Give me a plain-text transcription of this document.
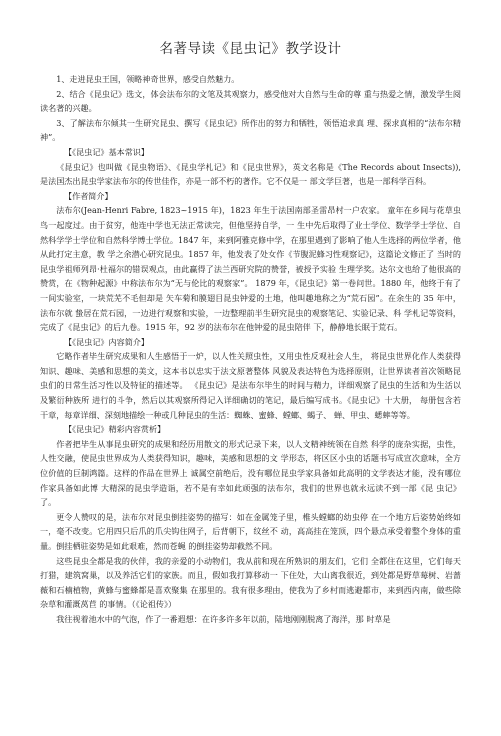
名著导读《昆虫记》教学设计

1、走进昆虫王国，领略神奇世界，感受自然魅力。

2、结合《昆虫记》选文，体会法布尔的文笔及其观察力，感受他对大自然与生命的尊 重与热爱之情，激发学生阅读名著的兴趣。

3、了解法布尔倾其一生研究昆虫、撰写《昆虫记》所作出的努力和牺牲，领悟追求真 理、探求真相的“法布尔精神”。

【《昆虫记》基本常识】

《昆虫记》也叫做《昆虫物语》、《昆虫学札记》和《昆虫世界》，英文名称是《The Records about Insects)),是法国杰出昆虫学家法布尔的传世佳作，亦是一部不朽的著作。它不仅是一 部文学巨著，也是一部科学百科。

【作者简介】

法布尔(Jean-Henri Fabre, 1823~1915 年)，1823 年生于法国南部圣雷昂村一户农家。 童年在乡间与花草虫鸟一起度过。由于贫穷，他连中学也无法正常读完，但他坚持自学，一 生中先后取得了业士学位、数学学士学位、自然科学学士学位和自然科学博士学位。1847 年，来到阿雅克修中学，在那里遇到了影响了他人生选择的两位学者，他从此打定主意，教 学之余潜心研究昆虫。1857 年，他发表了处女作《节腹泥蜂习性观察记》，这篇论文修正了 当时的昆虫学祖师列昂·杜福尔的错误观点，由此赢得了法兰西研究院的赞誉，被授予实验 生理学奖。达尔文也给了他很高的赞赏，在《物种起源》中称法布尔为“无与伦比的观察家”。 1879 年，《昆虫记》第一卷问世。1880 年，他终于有了一间实验室，一块荒芜不毛但却是 矢车菊和膜翅目昆虫钟爱的土地，他叫趣地称之为“荒石园”。在余生的 35 年中，法布尔就 蛰居在荒石园，一边进行观察和实验，一边整理前半生研究昆虫的观察笔记、实验记录、科 学札记等资料，完成了《昆虫记》的后九卷。1915 年，92 岁的法布尔在他钟爱的昆虫陪伴 下，静静地长眠于荒石。

【《昆虫记》内容简介】

它略作者毕生研究成果和人生感悟于一炉，以人性关照虫性，又用虫性反观社会人生， 将昆虫世界化作人类获得知识、趣味、美感和思想的美文，这本书以忠实于法文原著整体 风貌及表达特色为选择原则，让世界读者首次领略昆虫们的日常生活习性以及特征的描述等。 《昆虫记》是法布尔毕生的时间与精力，详细观察了昆虫的生活和为生活以及繁衍种族所 进行的斗争，然后以其观察所得记入详细确切的笔记，最后编写成书。《昆虫记》十大册， 每册包含若干章，每章详细、深刻地描绘一种或几种昆虫的生活：蜘蛛、蜜蜂、螳螂、蝎子、 蝉、甲虫、蟋蟀等等。

【《昆虫记》精彩内容赏析】

作者把毕生从事昆虫研究的成果和经历用散文的形式记录下来，以人文精神统领在自然 科学的庞杂实据，虫性，人性交融，使昆虫世界成为人类获得知识，趣味，美感和思想的文 学形态，将区区小虫的话题书写成宣次意味，全方位价值的巨制鸿篇。这样的作品在世界上 诚属空前绝后，没有哪位昆虫学家具备如此高明的文学表达才能，没有哪位作家具备如此博 大精深的昆虫学造诣，若不是有幸如此顽强的法布尔，我们的世界也就永远读不到一部《昆 虫记》了。

更令人赞叹的是，法布尔对昆虫倒挂姿势的描写：如在金属笼子里，椎头螳螂的幼虫停 在一个地方后姿势始终如一，毫不改变。它用四只后爪的爪尖钩住网子，后背朝下，纹丝不 动，高高挂在笼顶，四个悬点承受着整个身体的重量。倒挂栖驻姿势是如此艰难，然而苍蝇 的倒挂姿势却截然不同。

这些昆虫全都是我的伙伴，我的亲爱的小动物们，我从前和现在所熟识的朋友们，它们 全都住在这里，它们每天打猎，建筑窝巢，以及养活它们的家族。而且，假如我打算移动一 下住处，大山离我很近，到处都是野草莓树、岩蔷薇和石楠植物，黄蜂与蜜蜂都是喜欢聚集 在那里的。我有很多理由，使我为了乡村而逃避都市，来到西内南，做些除杂草和灌溉莴苣 的事情。（《论祖传》）

我往视着池水中的气泡，作了一番遐想：在许多许多年以前，陆地刚刚脱离了海洋，那 时草是
